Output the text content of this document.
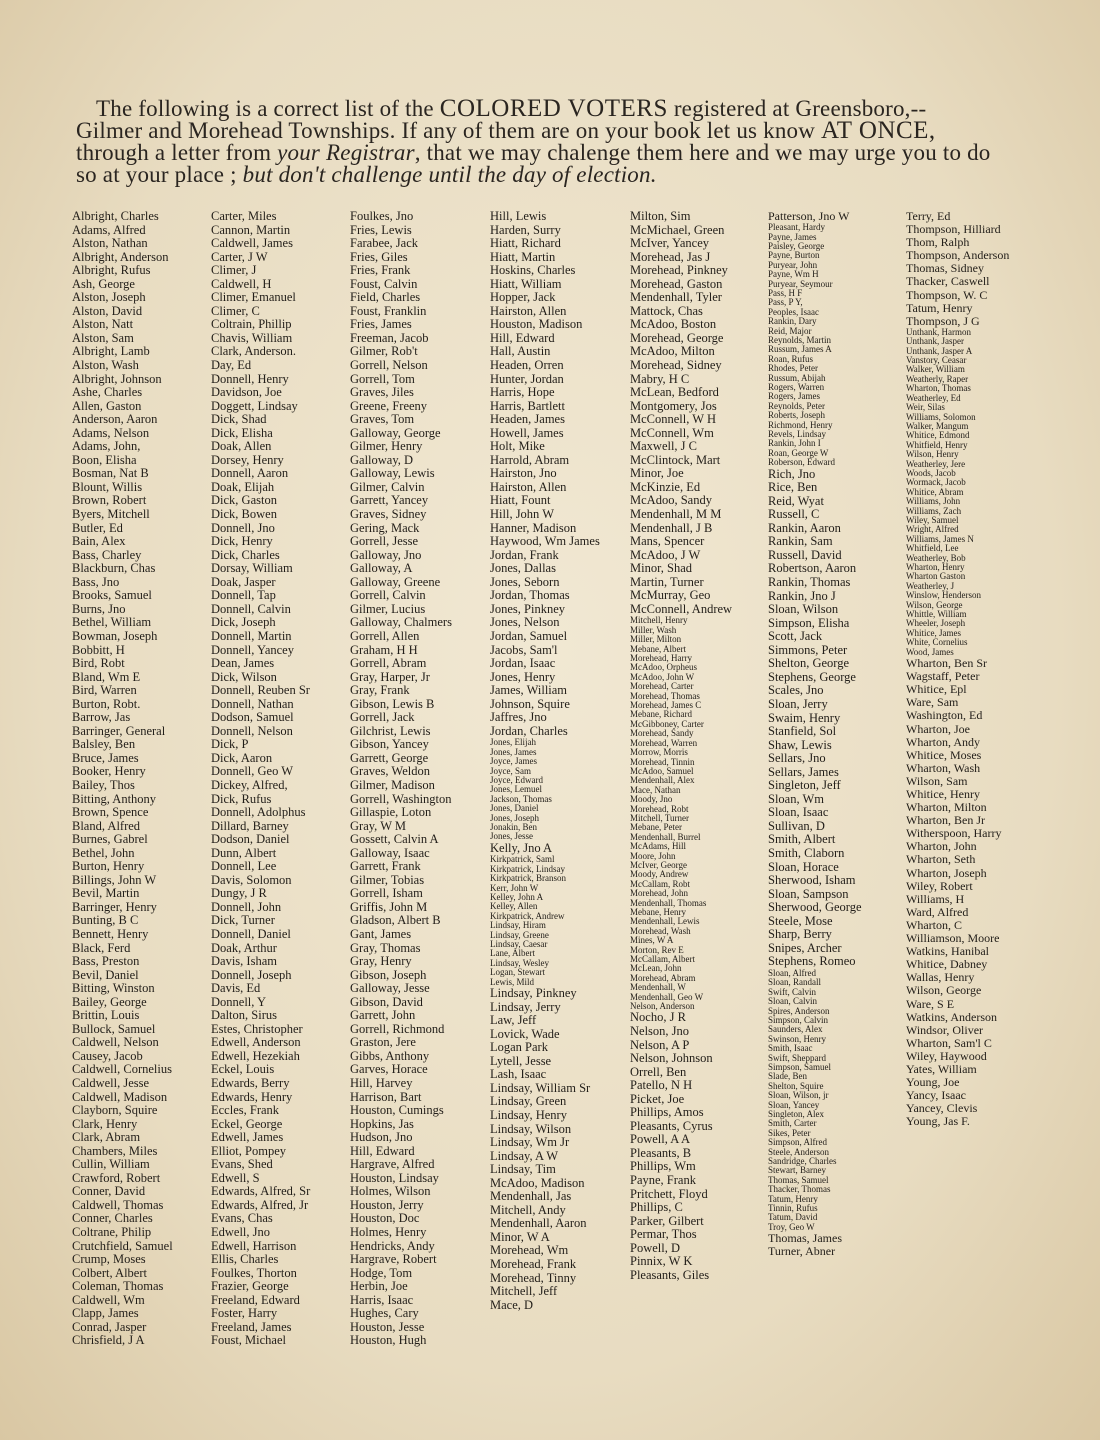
The following is a correct list of the COLORED VOTERS registered at Greensboro,--

Gilmer and Morehead Townships. If any of them are on your book let us know AT ONCE,

through a letter from your Registrar, that we may chalenge them here and we may urge you to do

so at your place ; but don't challenge until the day of election.

Albright, Charles
Adams, Alfred
Alston, Nathan
Albright, Anderson
Albright, Rufus
Ash, George
Alston, Joseph
Alston, David
Alston, Natt
Alston, Sam
Albright, Lamb
Alston, Wash
Albright, Johnson
Ashe, Charles
Allen, Gaston
Anderson, Aaron
Adams, Nelson
Adams, John,
Boon, Elisha
Bosman, Nat B
Blount, Willis
Brown, Robert
Byers, Mitchell
Butler, Ed
Bain, Alex
Bass, Charley
Blackburn, Chas
Bass, Jno
Brooks, Samuel
Burns, Jno
Bethel, William
Bowman, Joseph
Bobbitt, H
Bird, Robt
Bland, Wm E
Bird, Warren
Burton, Robt.
Barrow, Jas
Barringer, General
Balsley, Ben
Bruce, James
Booker, Henry
Bailey, Thos
Bitting, Anthony
Brown, Spence
Bland, Alfred
Burnes, Gabrel
Bethel, John
Burton, Henry
Billings, John W
Bevil, Martin
Barringer, Henry
Bunting, B C
Bennett, Henry
Black, Ferd
Bass, Preston
Bevil, Daniel
Bitting, Winston
Bailey, George
Brittin, Louis
Bullock, Samuel
Caldwell, Nelson
Causey, Jacob
Caldwell, Cornelius
Caldwell, Jesse
Caldwell, Madison
Clayborn, Squire
Clark, Henry
Clark, Abram
Chambers, Miles
Cullin, William
Crawford, Robert
Conner, David
Caldwell, Thomas
Conner, Charles
Coltrane, Philip
Crutchfield, Samuel
Crump, Moses
Colbert, Albert
Coleman, Thomas
Caldwell, Wm
Clapp, James
Conrad, Jasper
Chrisfield, J A
Carter, Miles
Cannon, Martin
Caldwell, James
Carter, J W
Climer, J
Caldwell, H
Climer, Emanuel
Climer, C
Coltrain, Phillip
Chavis, William
Clark, Anderson.
Day, Ed
Donnell, Henry
Davidson, Joe
Doggett, Lindsay
Dick, Shad
Dick, Elisha
Doak, Allen
Dorsey, Henry
Donnell, Aaron
Doak, Elijah
Dick, Gaston
Dick, Bowen
Donnell, Jno
Dick, Henry
Dick, Charles
Dorsay, William
Doak, Jasper
Donnell, Tap
Donnell, Calvin
Dick, Joseph
Donnell, Martin
Donnell, Yancey
Dean, James
Dick, Wilson
Donnell, Reuben Sr
Donnell, Nathan
Dodson, Samuel
Donnell, Nelson
Dick, P
Dick, Aaron
Donnell, Geo W
Dickey, Alfred,
Dick, Rufus
Donnell, Adolphus
Dillard, Barney
Dodson, Daniel
Dunn, Albert
Donnell, Lee
Davis, Solomon
Dungy, J R
Donnell, John
Dick, Turner
Donnell, Daniel
Doak, Arthur
Davis, Isham
Donnell, Joseph
Davis, Ed
Donnell, Y
Dalton, Sirus
Estes, Christopher
Edwell, Anderson
Edwell, Hezekiah
Eckel, Louis
Edwards, Berry
Edwards, Henry
Eccles, Frank
Eckel, George
Edwell, James
Elliot, Pompey
Evans, Shed
Edwell, S
Edwards, Alfred, Sr
Edwards, Alfred, Jr
Evans, Chas
Edwell, Jno
Edwell, Harrison
Ellis, Charles
Foulkes, Thorton
Frazier, George
Freeland, Edward
Foster, Harry
Freeland, James
Foust, Michael
Foulkes, Jno
Fries, Lewis
Farabee, Jack
Fries, Giles
Fries, Frank
Foust, Calvin
Field, Charles
Foust, Franklin
Fries, James
Freeman, Jacob
Gilmer, Rob't
Gorrell, Nelson
Gorrell, Tom
Graves, Jiles
Greene, Freeny
Graves, Tom
Galloway, George
Gilmer, Henry
Galloway, D
Galloway, Lewis
Gilmer, Calvin
Garrett, Yancey
Graves, Sidney
Gering, Mack
Gorrell, Jesse
Galloway, Jno
Galloway, A
Galloway, Greene
Gorrell, Calvin
Gilmer, Lucius
Galloway, Chalmers
Gorrell, Allen
Graham, H H
Gorrell, Abram
Gray, Harper, Jr
Gray, Frank
Gibson, Lewis B
Gorrell, Jack
Gilchrist, Lewis
Gibson, Yancey
Garrett, George
Graves, Weldon
Gilmer, Madison
Gorrell, Washington
Gillaspie, Loton
Gray, W M
Gossett, Calvin A
Galloway, Isaac
Garrett, Frank
Gilmer, Tobias
Gorrell, Isham
Griffis, John M
Gladson, Albert B
Gant, James
Gray, Thomas
Gray, Henry
Gibson, Joseph
Galloway, Jesse
Gibson, David
Garrett, John
Gorrell, Richmond
Graston, Jere
Gibbs, Anthony
Garves, Horace
Hill, Harvey
Harrison, Bart
Houston, Cumings
Hopkins, Jas
Hudson, Jno
Hill, Edward
Hargrave, Alfred
Houston, Lindsay
Holmes, Wilson
Houston, Jerry
Houston, Doc
Holmes, Henry
Hendricks, Andy
Hargrave, Robert
Hodge, Tom
Herbin, Joe
Harris, Isaac
Hughes, Cary
Houston, Jesse
Houston, Hugh
Hill, Lewis
Harden, Surry
Hiatt, Richard
Hiatt, Martin
Hoskins, Charles
Hiatt, William
Hopper, Jack
Hairston, Allen
Houston, Madison
Hill, Edward
Hall, Austin
Headen, Orren
Hunter, Jordan
Harris, Hope
Harris, Bartlett
Headen, James
Howell, James
Holt, Mike
Harrold, Abram
Hairston, Jno
Hairston, Allen
Hiatt, Fount
Hill, John W
Hanner, Madison
Haywood, Wm James
Jordan, Frank
Jones, Dallas
Jones, Seborn
Jordan, Thomas
Jones, Pinkney
Jones, Nelson
Jordan, Samuel
Jacobs, Sam'l
Jordan, Isaac
Jones, Henry
James, William
Johnson, Squire
Jaffres, Jno
Jordan, Charles
Jones, Elijah
Jones, James
Joyce, James
Joyce, Sam
Joyce, Edward
Jones, Lemuel
Jackson, Thomas
Jones, Daniel
Jones, Joseph
Jonakin, Ben
Jones, Jesse
Kelly, Jno A
Kirkpatrick, Saml
Kirkpatrick, Lindsay
Kirkpatrick, Branson
Kerr, John W
Kelley, John A
Kelley, Allen
Kirkpatrick, Andrew
Lindsay, Hiram
Lindsay, Greene
Lindsay, Caesar
Lane, Albert
Lindsay, Wesley
Logan, Stewart
Lewis, Mild
Lindsay, Pinkney
Lindsay, Jerry
Law, Jeff
Lovick, Wade
Logan Park
Lytell, Jesse
Lash, Isaac
Lindsay, William Sr
Lindsay, Green
Lindsay, Henry
Lindsay, Wilson
Lindsay, Wm Jr
Lindsay, A W
Lindsay, Tim
McAdoo, Madison
Mendenhall, Jas
Mitchell, Andy
Mendenhall, Aaron
Minor, W A
Morehead, Wm
Morehead, Frank
Morehead, Tinny
Mitchell, Jeff
Mace, D
Milton, Sim
McMichael, Green
McIver, Yancey
Morehead, Jas J
Morehead, Pinkney
Morehead, Gaston
Mendenhall, Tyler
Mattock, Chas
McAdoo, Boston
Morehead, George
McAdoo, Milton
Morehead, Sidney
Mabry, H C
McLean, Bedford
Montgomery, Jos
McConnell, W H
McConnell, Wm
Maxwell, J C
McClintock, Mart
Minor, Joe
McKinzie, Ed
McAdoo, Sandy
Mendenhall, M M
Mendenhall, J B
Mans, Spencer
McAdoo, J W
Minor, Shad
Martin, Turner
McMurray, Geo
McConnell, Andrew
Mitchell, Henry
Miller, Wash
Miller, Milton
Mebane, Albert
Morehead, Harry
McAdoo, Orpheus
McAdoo, John W
Morehead, Carter
Morehead, Thomas
Morehead, James C
Mebane, Richard
McGibboney, Carter
Morehead, Sandy
Morehead, Warren
Morrow, Morris
Morehead, Tinnin
McAdoo, Samuel
Mendenhall, Alex
Mace, Nathan
Moody, Jno
Morehead, Robt
Mitchell, Turner
Mebane, Peter
Mendenhall, Burrel
McAdams, Hill
Moore, John
McIver, George
Moody, Andrew
McCallam, Robt
Morehead, John
Mendenhall, Thomas
Mebane, Henry
Mendenhall, Lewis
Morehead, Wash
Mines, W A
Morton, Rev E
McCallam, Albert
McLean, John
Morehead, Abram
Mendenhall, W
Mendenhall, Geo W
Nelson, Anderson
Nocho, J R
Nelson, Jno
Nelson, A P
Nelson, Johnson
Orrell, Ben
Patello, N H
Picket, Joe
Phillips, Amos
Pleasants, Cyrus
Powell, A A
Pleasants, B
Phillips, Wm
Payne, Frank
Pritchett, Floyd
Phillips, C
Parker, Gilbert
Permar, Thos
Powell, D
Pinnix, W K
Pleasants, Giles
Patterson, Jno W
Pleasant, Hardy
Payne, James
Paisley, George
Payne, Burton
Puryear, John
Payne, Wm H
Puryear, Seymour
Pass, H F
Pass, P Y,
Peoples, Isaac
Rankin, Dary
Reid, Major
Reynolds, Martin
Russum, James A
Roan, Rufus
Rhodes, Peter
Russum, Abijah
Rogers, Warren
Rogers, James
Reynolds, Peter
Roberts, Joseph
Richmond, Henry
Revels, Lindsay
Rankin, John I
Roan, George W
Roberson, Edward
Rich, Jno
Rice, Ben
Reid, Wyat
Russell, C
Rankin, Aaron
Rankin, Sam
Russell, David
Robertson, Aaron
Rankin, Thomas
Rankin, Jno J
Sloan, Wilson
Simpson, Elisha
Scott, Jack
Simmons, Peter
Shelton, George
Stephens, George
Scales, Jno
Sloan, Jerry
Swaim, Henry
Stanfield, Sol
Shaw, Lewis
Sellars, Jno
Sellars, James
Singleton, Jeff
Sloan, Wm
Sloan, Isaac
Sullivan, D
Smith, Albert
Smith, Claborn
Sloan, Horace
Sherwood, Isham
Sloan, Sampson
Sherwood, George
Steele, Mose
Sharp, Berry
Snipes, Archer
Stephens, Romeo
Sloan, Alfred
Sloan, Randall
Swift, Calvin
Sloan, Calvin
Spires, Anderson
Simpson, Calvin
Saunders, Alex
Swinson, Henry
Smith, Isaac
Swift, Sheppard
Simpson, Samuel
Slade, Ben
Shelton, Squire
Sloan, Wilson, jr
Sloan, Yancey
Singleton, Alex
Smith, Carter
Sikes, Peter
Simpson, Alfred
Steele, Anderson
Sandridge, Charles
Stewart, Barney
Thomas, Samuel
Thacker, Thomas
Tatum, Henry
Tinnin, Rufus
Tatum, David
Troy, Geo W
Thomas, James
Turner, Abner
Terry, Ed
Thompson, Hilliard
Thom, Ralph
Thompson, Anderson
Thomas, Sidney
Thacker, Caswell
Thompson, W. C
Tatum, Henry
Thompson, J G
Unthank, Harmon
Unthank, Jasper
Unthank, Jasper A
Vanstory, Ceasar
Walker, William
Weatherly, Raper
Wharton, Thomas
Weatherley, Ed
Weir, Silas
Williams, Solomon
Walker, Mangum
Whitice, Edmond
Whitfield, Henry
Wilson, Henry
Weatherley, Jere
Woods, Jacob
Wormack, Jacob
Whitice, Abram
Williams, John
Williams, Zach
Wiley, Samuel
Wright, Alfred
Williams, James N
Whitfield, Lee
Weatherley, Bob
Wharton, Henry
Wharton Gaston
Weatherley, J
Winslow, Henderson
Wilson, George
Whittle, William
Wheeler, Joseph
Whitice, James
White, Cornelius
Wood, James
Wharton, Ben Sr
Wagstaff, Peter
Whitice, Epl
Ware, Sam
Washington, Ed
Wharton, Joe
Wharton, Andy
Whitice, Moses
Wharton, Wash
Wilson, Sam
Whitice, Henry
Wharton, Milton
Wharton, Ben Jr
Witherspoon, Harry
Wharton, John
Wharton, Seth
Wharton, Joseph
Wiley, Robert
Williams, H
Ward, Alfred
Wharton, C
Williamson, Moore
Watkins, Hanibal
Whitice, Dabney
Wallas, Henry
Wilson, George
Ware, S E
Watkins, Anderson
Windsor, Oliver
Wharton, Sam'l C
Wiley, Haywood
Yates, William
Young, Joe
Yancy, Isaac
Yancey, Clevis
Young, Jas F.
